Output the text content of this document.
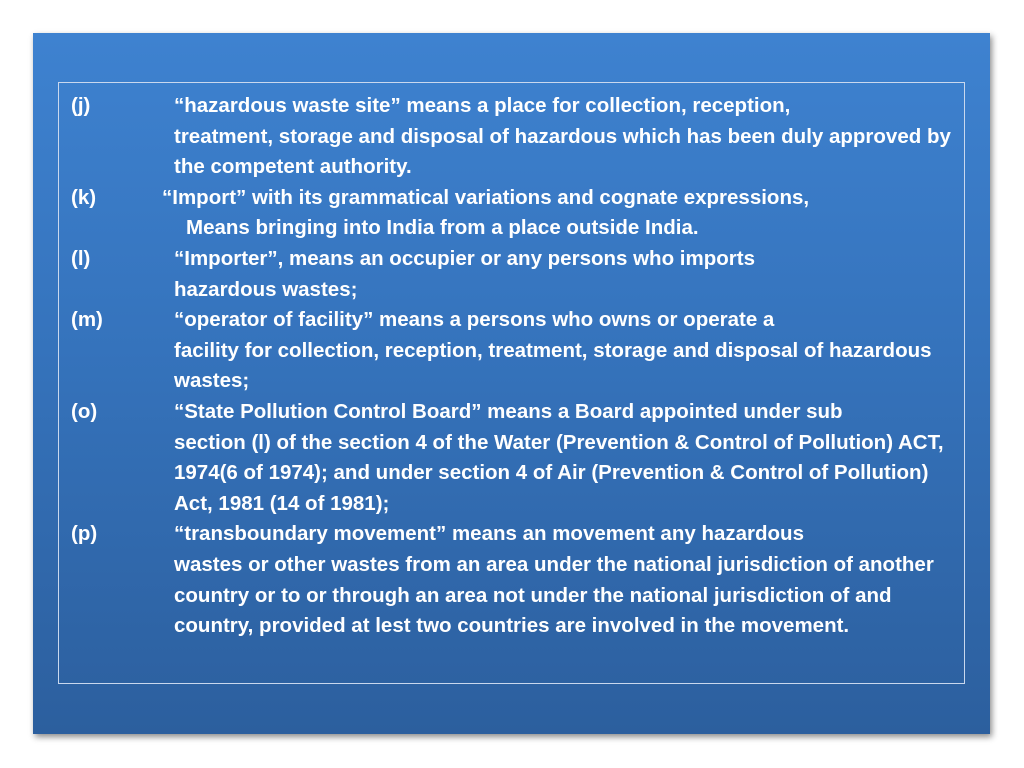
(j)	“hazardous waste site” means a place for collection, reception,
treatment, storage and disposal of hazardous which has been duly approved by the competent authority.
(k)	“Import” with its grammatical variations and cognate expressions,
Means bringing into India from a place outside India.
(l)	“Importer”, means an occupier or any persons who imports
hazardous wastes;
(m)	“operator of facility” means a persons who owns or operate a
facility for collection, reception, treatment, storage and disposal of hazardous wastes;
(o)	“State Pollution Control Board” means a Board appointed under sub
section (l) of the section 4 of the Water (Prevention & Control of Pollution) ACT, 1974(6 of 1974); and under section 4 of Air (Prevention & Control of Pollution) Act, 1981 (14 of 1981);
(p)	“transboundary movement” means an movement any hazardous
wastes or other wastes from an area under the national jurisdiction of another country or to or through an area not under the national jurisdiction of and country, provided at lest two countries are involved in the movement.
